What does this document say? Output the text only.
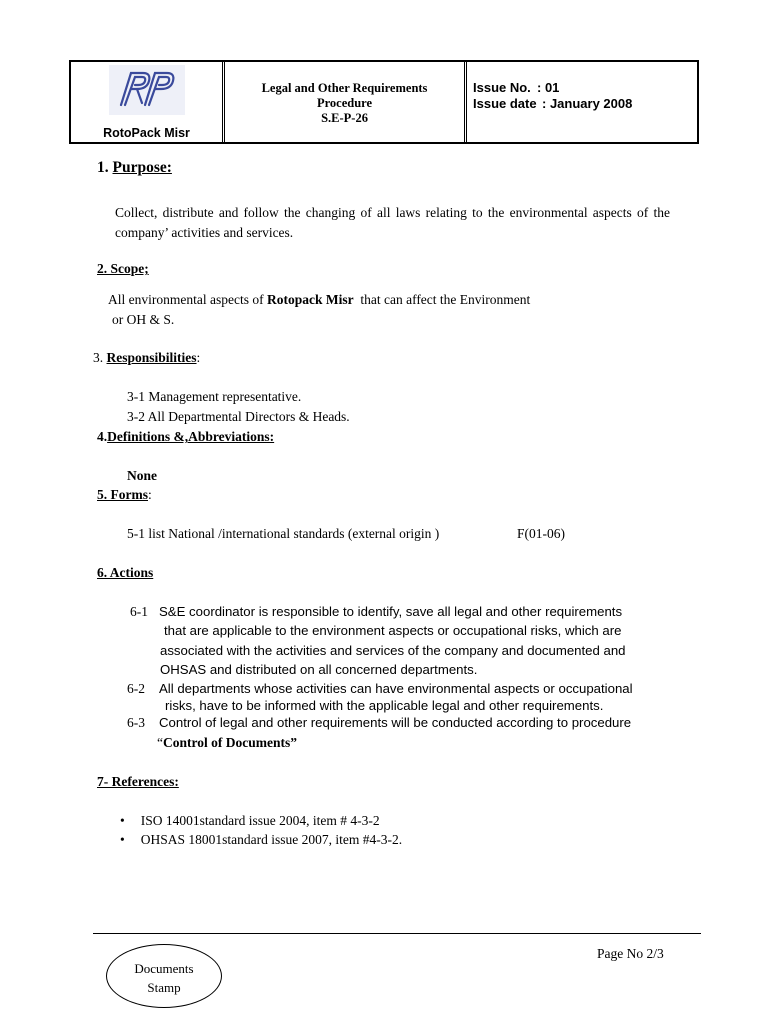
RotoPack Misr
Legal and Other Requirements
Procedure
S.E-P-26
Issue No. : 01
Issue date : January 2008
1. Purpose:
Collect, distribute and follow the changing of all laws relating to the environmental aspects of the company’ activities and services.
2. Scope;
All environmental aspects of Rotopack Misr that can affect the Environment
or OH & S.
3. Responsibilities:
3-1 Management representative.
3-2 All Departmental Directors & Heads.
4.Definitions &,Abbreviations:
None
5. Forms:
5-1 list National /international standards (external origin )	F(01-06)
6. Actions
6-1 S&E coordinator is responsible to identify, save all legal and other requirements
that are applicable to the environment aspects or occupational risks, which are
associated with the activities and services of the company and documented and
OHSAS and distributed on all concerned departments.
6-2 All departments whose activities can have environmental aspects or occupational
risks, have to be informed with the applicable legal and other requirements.
6-3 Control of legal and other requirements will be conducted according to procedure
“Control of Documents”
7- References:
• ISO 14001standard issue 2004, item # 4-3-2
• OHSAS 18001standard issue 2007, item #4-3-2.
Page No 2/3
Documents
Stamp
